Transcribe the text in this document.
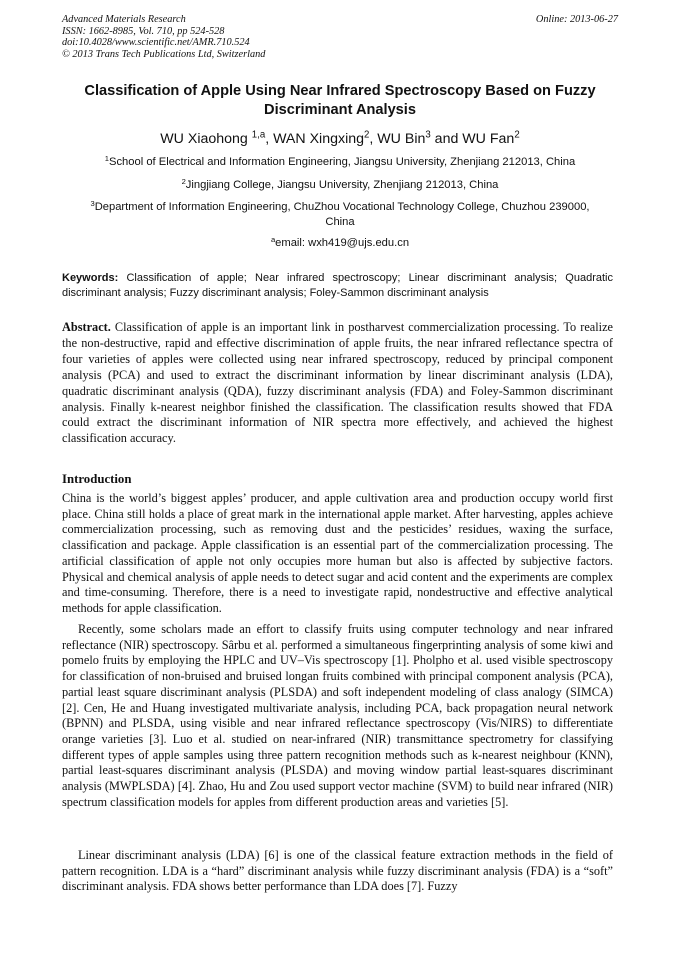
Advanced Materials Research
ISSN: 1662-8985, Vol. 710, pp 524-528
doi:10.4028/www.scientific.net/AMR.710.524
© 2013 Trans Tech Publications Ltd, Switzerland
Online: 2013-06-27
Classification of Apple Using Near Infrared Spectroscopy Based on Fuzzy Discriminant Analysis
WU Xiaohong $^{1,a}$, WAN Xingxing$^2$, WU Bin$^3$ and WU Fan$^2$
$^1$School of Electrical and Information Engineering, Jiangsu University, Zhenjiang 212013, China
$^2$Jingjiang College, Jiangsu University, Zhenjiang 212013, China
$^3$Department of Information Engineering, ChuZhou Vocational Technology College, Chuzhou 239000, China
$^a$email: wxh419@ujs.edu.cn
Keywords: Classification of apple; Near infrared spectroscopy; Linear discriminant analysis; Quadratic discriminant analysis; Fuzzy discriminant analysis; Foley-Sammon discriminant analysis
Abstract. Classification of apple is an important link in postharvest commercialization processing. To realize the non-destructive, rapid and effective discrimination of apple fruits, the near infrared reflectance spectra of four varieties of apples were collected using near infrared spectroscopy, reduced by principal component analysis (PCA) and used to extract the discriminant information by linear discriminant analysis (LDA), quadratic discriminant analysis (QDA), fuzzy discriminant analysis (FDA) and Foley-Sammon discriminant analysis. Finally k-nearest neighbor finished the classification. The classification results showed that FDA could extract the discriminant information of NIR spectra more effectively, and achieved the highest classification accuracy.
Introduction
China is the world’s biggest apples’ producer, and apple cultivation area and production occupy world first place. China still holds a place of great mark in the international apple market. After harvesting, apples achieve commercialization processing, such as removing dust and the pesticides’ residues, waxing the surface, classification and package. Apple classification is an essential part of the commercialization processing. The artificial classification of apple not only occupies more human but also is affected by subjective factors. Physical and chemical analysis of apple needs to detect sugar and acid content and the experiments are complex and time-consuming. Therefore, there is a need to investigate rapid, nondestructive and effective analytical methods for apple classification.
Recently, some scholars made an effort to classify fruits using computer technology and near infrared reflectance (NIR) spectroscopy. Sârbu et al. performed a simultaneous fingerprinting analysis of some kiwi and pomelo fruits by employing the HPLC and UV–Vis spectroscopy [1]. Pholpho et al. used visible spectroscopy for classification of non-bruised and bruised longan fruits combined with principal component analysis (PCA), partial least square discriminant analysis (PLSDA) and soft independent modeling of class analogy (SIMCA) [2]. Cen, He and Huang investigated multivariate analysis, including PCA, back propagation neural network (BPNN) and PLSDA, using visible and near infrared reflectance spectroscopy (Vis/NIRS) to differentiate orange varieties [3]. Luo et al. studied on near-infrared (NIR) transmittance spectrometry for classifying different types of apple samples using three pattern recognition methods such as k-nearest neighbour (KNN), partial least-squares discriminant analysis (PLSDA) and moving window partial least-squares discriminant analysis (MWPLSDA) [4]. Zhao, Hu and Zou used support vector machine (SVM) to build near infrared (NIR) spectrum classification models for apples from different production areas and varieties [5].
Linear discriminant analysis (LDA) [6] is one of the classical feature extraction methods in the field of pattern recognition. LDA is a “hard” discriminant analysis while fuzzy discriminant analysis (FDA) is a “soft” discriminant analysis. FDA shows better performance than LDA does [7]. Fuzzy
